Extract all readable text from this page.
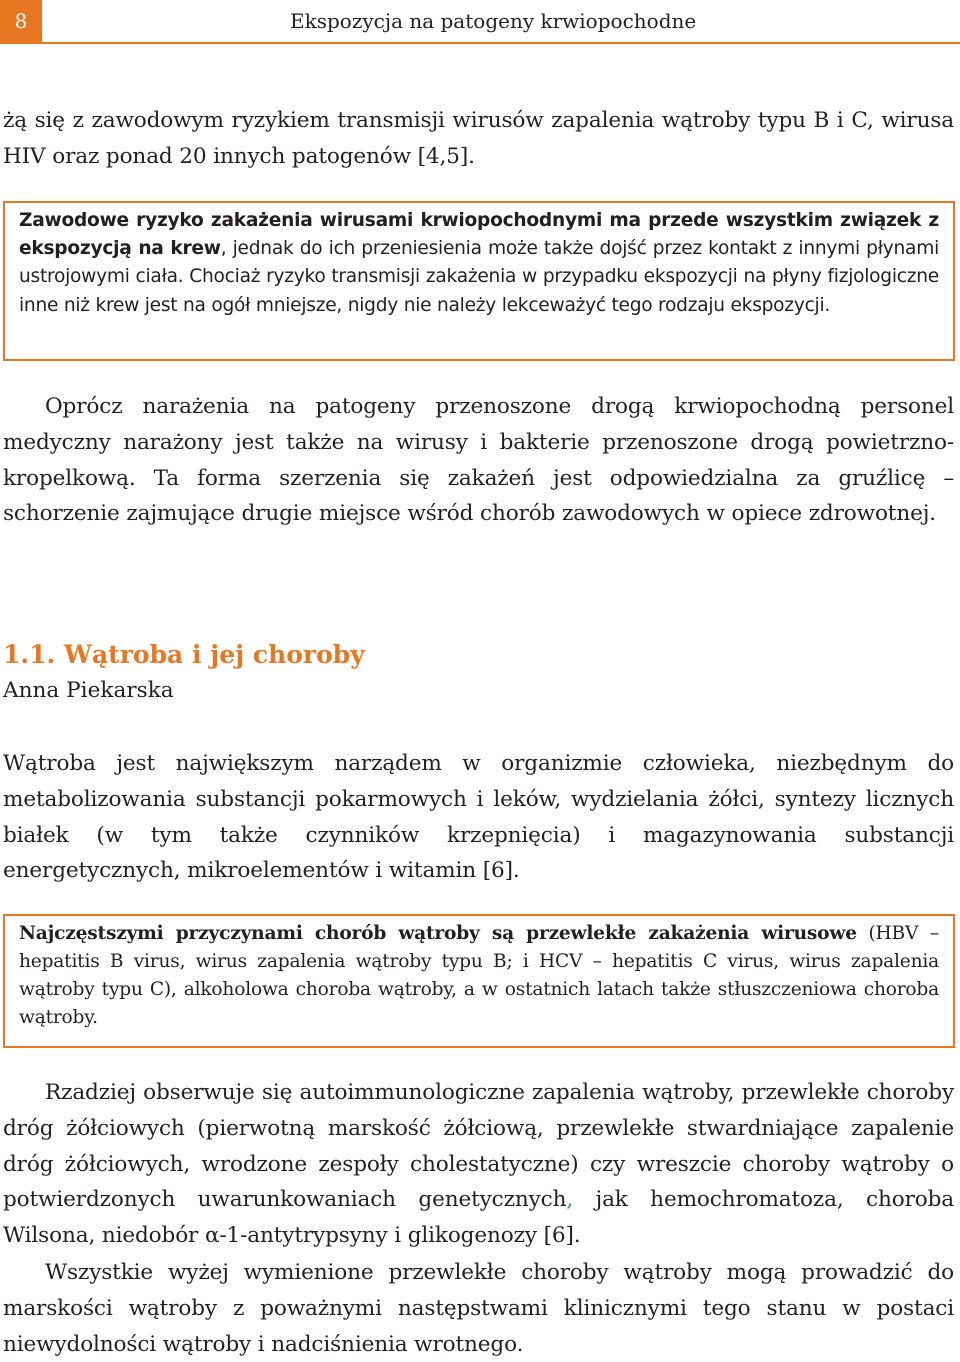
8	Ekspozycja na patogeny krwiopochodne

żą się z zawodowym ryzykiem transmisji wirusów zapalenia wątroby typu B i C, wirusa HIV oraz ponad 20 innych patogenów [4,5].

Zawodowe ryzyko zakażenia wirusami krwiopochodnymi ma przede wszystkim związek z ekspozycją na krew, jednak do ich przeniesienia może także dojść przez kontakt z innymi płynami ustrojowymi ciała. Chociaż ryzyko transmisji zakażenia w przypadku ekspozycji na płyny fizjologiczne inne niż krew jest na ogół mniejsze, nigdy nie należy lekceważyć tego rodzaju ekspozycji.

Oprócz narażenia na patogeny przenoszone drogą krwiopochodną personel medyczny narażony jest także na wirusy i bakterie przenoszone drogą powietrzno-kropelkową. Ta forma szerzenia się zakażeń jest odpowiedzialna za gruźlicę – schorzenie zajmujące drugie miejsce wśród chorób zawodowych w opiece zdrowotnej.

1.1. Wątroba i jej choroby
Anna Piekarska

Wątroba jest największym narządem w organizmie człowieka, niezbędnym do metabolizowania substancji pokarmowych i leków, wydzielania żółci, syntezy licznych białek (w tym także czynników krzepnięcia) i magazynowania substancji energetycznych, mikroelementów i witamin [6].

Najczęstszymi przyczynami chorób wątroby są przewlekłe zakażenia wirusowe (HBV – hepatitis B virus, wirus zapalenia wątroby typu B; i HCV – hepatitis C virus, wirus zapalenia wątroby typu C), alkoholowa choroba wątroby, a w ostatnich latach także stłuszczeniowa choroba wątroby.

Rzadziej obserwuje się autoimmunologiczne zapalenia wątroby, przewlekłe choroby dróg żółciowych (pierwotną marskość żółciową, przewlekłe stwardniające zapalenie dróg żółciowych, wrodzone zespoły cholestatyczne) czy wreszcie choroby wątroby o potwierdzonych uwarunkowaniach genetycznych, jak hemochromatoza, choroba Wilsona, niedobór α-1-antytrypsyny i glikogenozy [6].

Wszystkie wyżej wymienione przewlekłe choroby wątroby mogą prowadzić do marskości wątroby z poważnymi następstwami klinicznymi tego stanu w postaci niewydolności wątroby i nadciśnienia wrotnego.
